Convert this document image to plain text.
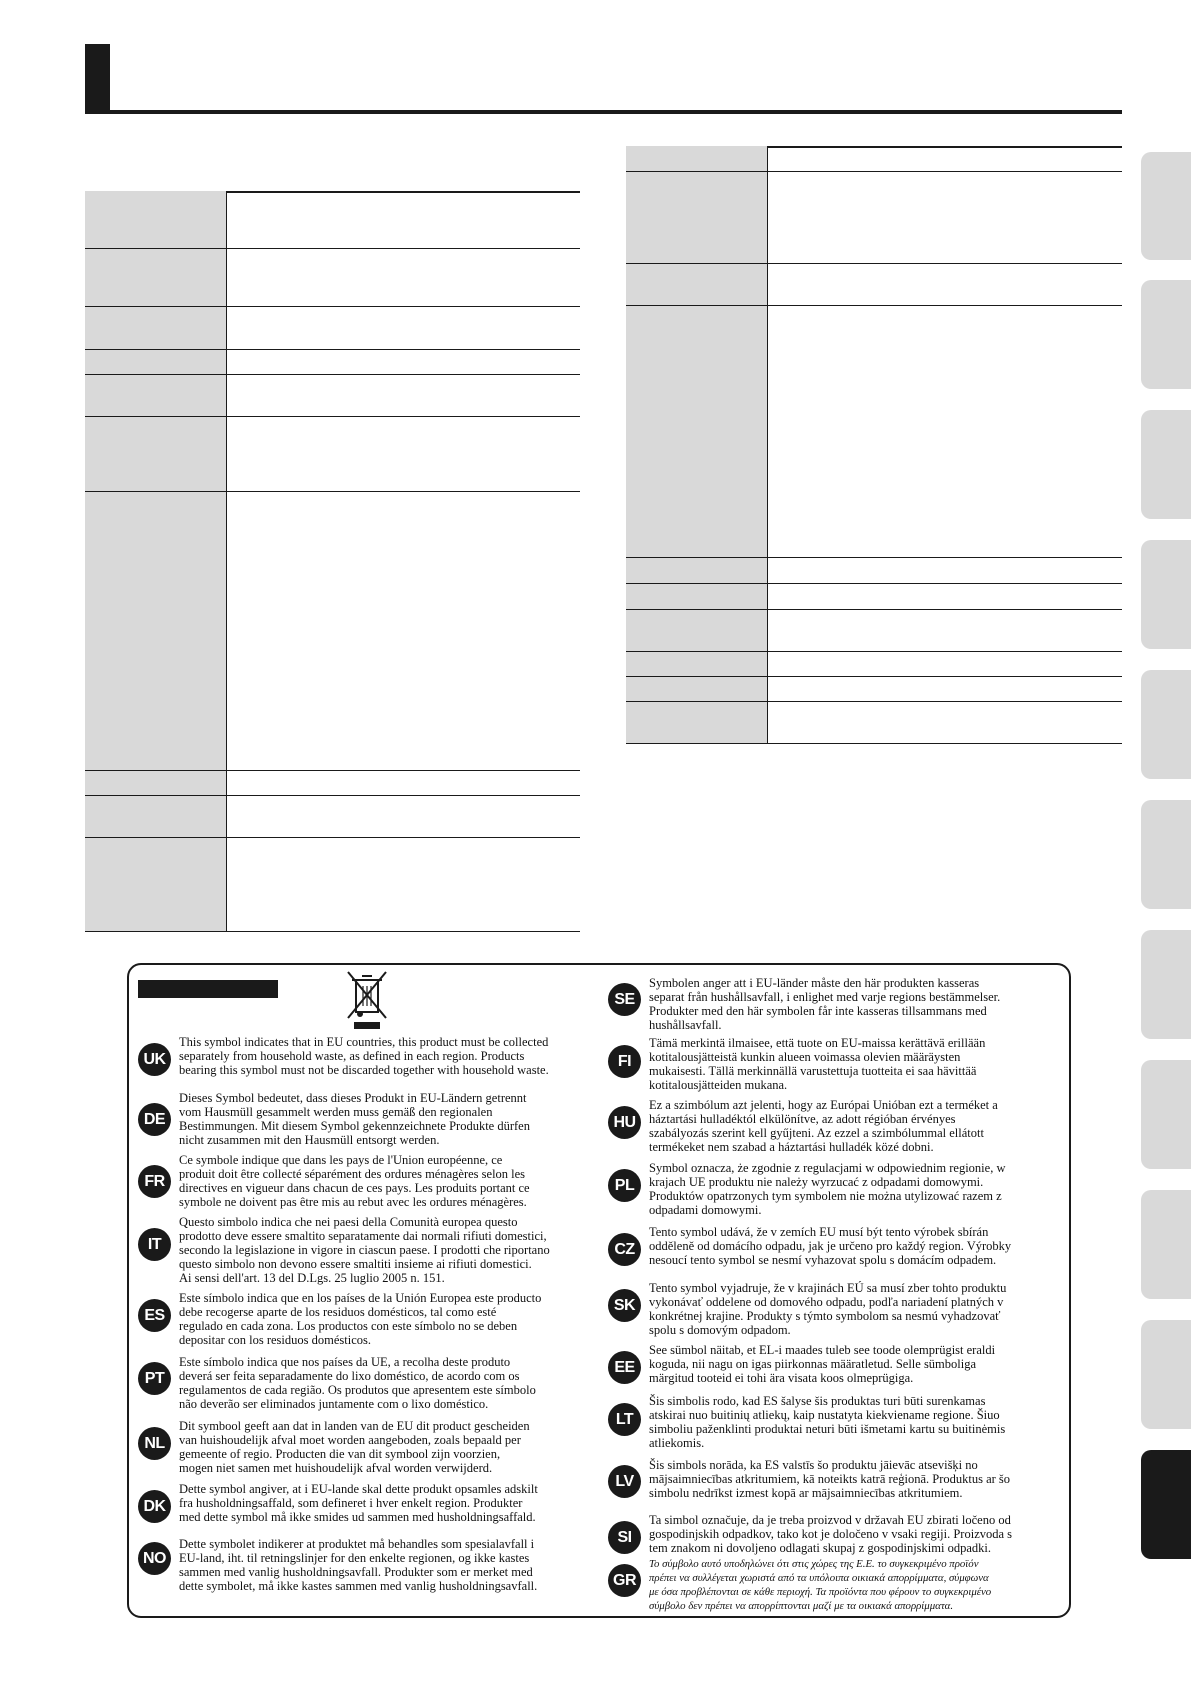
UK
This symbol indicates that in EU countries, this product must be collected
separately from household waste, as defined in each region. Products
bearing this symbol must not be discarded together with household waste.
DE
Dieses Symbol bedeutet, dass dieses Produkt in EU-Ländern getrennt
vom Hausmüll gesammelt werden muss gemäß den regionalen
Bestimmungen. Mit diesem Symbol gekennzeichnete Produkte dürfen
nicht zusammen mit den Hausmüll entsorgt werden.
FR
Ce symbole indique que dans les pays de l'Union européenne, ce
produit doit être collecté séparément des ordures ménagères selon les
directives en vigueur dans chacun de ces pays. Les produits portant ce
symbole ne doivent pas être mis au rebut avec les ordures ménagères.
IT
Questo simbolo indica che nei paesi della Comunità europea questo
prodotto deve essere smaltito separatamente dai normali rifiuti domestici,
secondo la legislazione in vigore in ciascun paese. I prodotti che riportano
questo simbolo non devono essere smaltiti insieme ai rifiuti domestici.
Ai sensi dell'art. 13 del D.Lgs. 25 luglio 2005 n. 151.
ES
Este símbolo indica que en los países de la Unión Europea este producto
debe recogerse aparte de los residuos domésticos, tal como esté
regulado en cada zona. Los productos con este símbolo no se deben
depositar con los residuos domésticos.
PT
Este símbolo indica que nos países da UE, a recolha deste produto
deverá ser feita separadamente do lixo doméstico, de acordo com os
regulamentos de cada região. Os produtos que apresentem este símbolo
não deverão ser eliminados juntamente com o lixo doméstico.
NL
Dit symbool geeft aan dat in landen van de EU dit product gescheiden
van huishoudelijk afval moet worden aangeboden, zoals bepaald per
gemeente of regio. Producten die van dit symbool zijn voorzien,
mogen niet samen met huishoudelijk afval worden verwijderd.
DK
Dette symbol angiver, at i EU-lande skal dette produkt opsamles adskilt
fra husholdningsaffald, som defineret i hver enkelt region. Produkter
med dette symbol må ikke smides ud sammen med husholdningsaffald.
NO
Dette symbolet indikerer at produktet må behandles som spesialavfall i
EU-land, iht. til retningslinjer for den enkelte regionen, og ikke kastes
sammen med vanlig husholdningsavfall. Produkter som er merket med
dette symbolet, må ikke kastes sammen med vanlig husholdningsavfall.
SE
Symbolen anger att i EU-länder måste den här produkten kasseras
separat från hushållsavfall, i enlighet med varje regions bestämmelser.
Produkter med den här symbolen får inte kasseras tillsammans med
hushållsavfall.
FI
Tämä merkintä ilmaisee, että tuote on EU-maissa kerättävä erillään
kotitalousjätteistä kunkin alueen voimassa olevien määräysten
mukaisesti. Tällä merkinnällä varustettuja tuotteita ei saa hävittää
kotitalousjätteiden mukana.
HU
Ez a szimbólum azt jelenti, hogy az Európai Unióban ezt a terméket a
háztartási hulladéktól elkülönítve, az adott régióban érvényes
szabályozás szerint kell gyűjteni. Az ezzel a szimbólummal ellátott
termékeket nem szabad a háztartási hulladék közé dobni.
PL
Symbol oznacza, że zgodnie z regulacjami w odpowiednim regionie, w
krajach UE produktu nie należy wyrzucać z odpadami domowymi.
Produktów opatrzonych tym symbolem nie można utylizować razem z
odpadami domowymi.
CZ
Tento symbol udává, že v zemích EU musí být tento výrobek sbírán
odděleně od domácího odpadu, jak je určeno pro každý region. Výrobky
nesoucí tento symbol se nesmí vyhazovat spolu s domácím odpadem.
SK
Tento symbol vyjadruje, že v krajinách EÚ sa musí zber tohto produktu
vykonávať oddelene od domového odpadu, podľa nariadení platných v
konkrétnej krajine. Produkty s týmto symbolom sa nesmú vyhadzovať
spolu s domovým odpadom.
EE
See sümbol näitab, et EL-i maades tuleb see toode olemprügist eraldi
koguda, nii nagu on igas piirkonnas määratletud. Selle sümboliga
märgitud tooteid ei tohi ära visata koos olmeprügiga.
LT
Šis simbolis rodo, kad ES šalyse šis produktas turi būti surenkamas
atskirai nuo buitinių atliekų, kaip nustatyta kiekviename regione. Šiuo
simboliu paženklinti produktai neturi būti išmetami kartu su buitinėmis
atliekomis.
LV
Šis simbols norāda, ka ES valstīs šo produktu jāievāc atsevišķi no
mājsaimniecības atkritumiem, kā noteikts katrā reģionā. Produktus ar šo
simbolu nedrīkst izmest kopā ar mājsaimniecības atkritumiem.
SI
Ta simbol označuje, da je treba proizvod v državah EU zbirati ločeno od
gospodinjskih odpadkov, tako kot je določeno v vsaki regiji. Proizvoda s
tem znakom ni dovoljeno odlagati skupaj z gospodinjskimi odpadki.
GR
Το σύμβολο αυτό υποδηλώνει ότι στις χώρες της Ε.Ε. το συγκεκριμένο προϊόν
πρέπει να συλλέγεται χωριστά από τα υπόλοιπα οικιακά απορρίμματα, σύμφωνα
με όσα προβλέπονται σε κάθε περιοχή. Τα προϊόντα που φέρουν το συγκεκριμένο
σύμβολο δεν πρέπει να απορρίπτονται μαζί με τα οικιακά απορρίμματα.
